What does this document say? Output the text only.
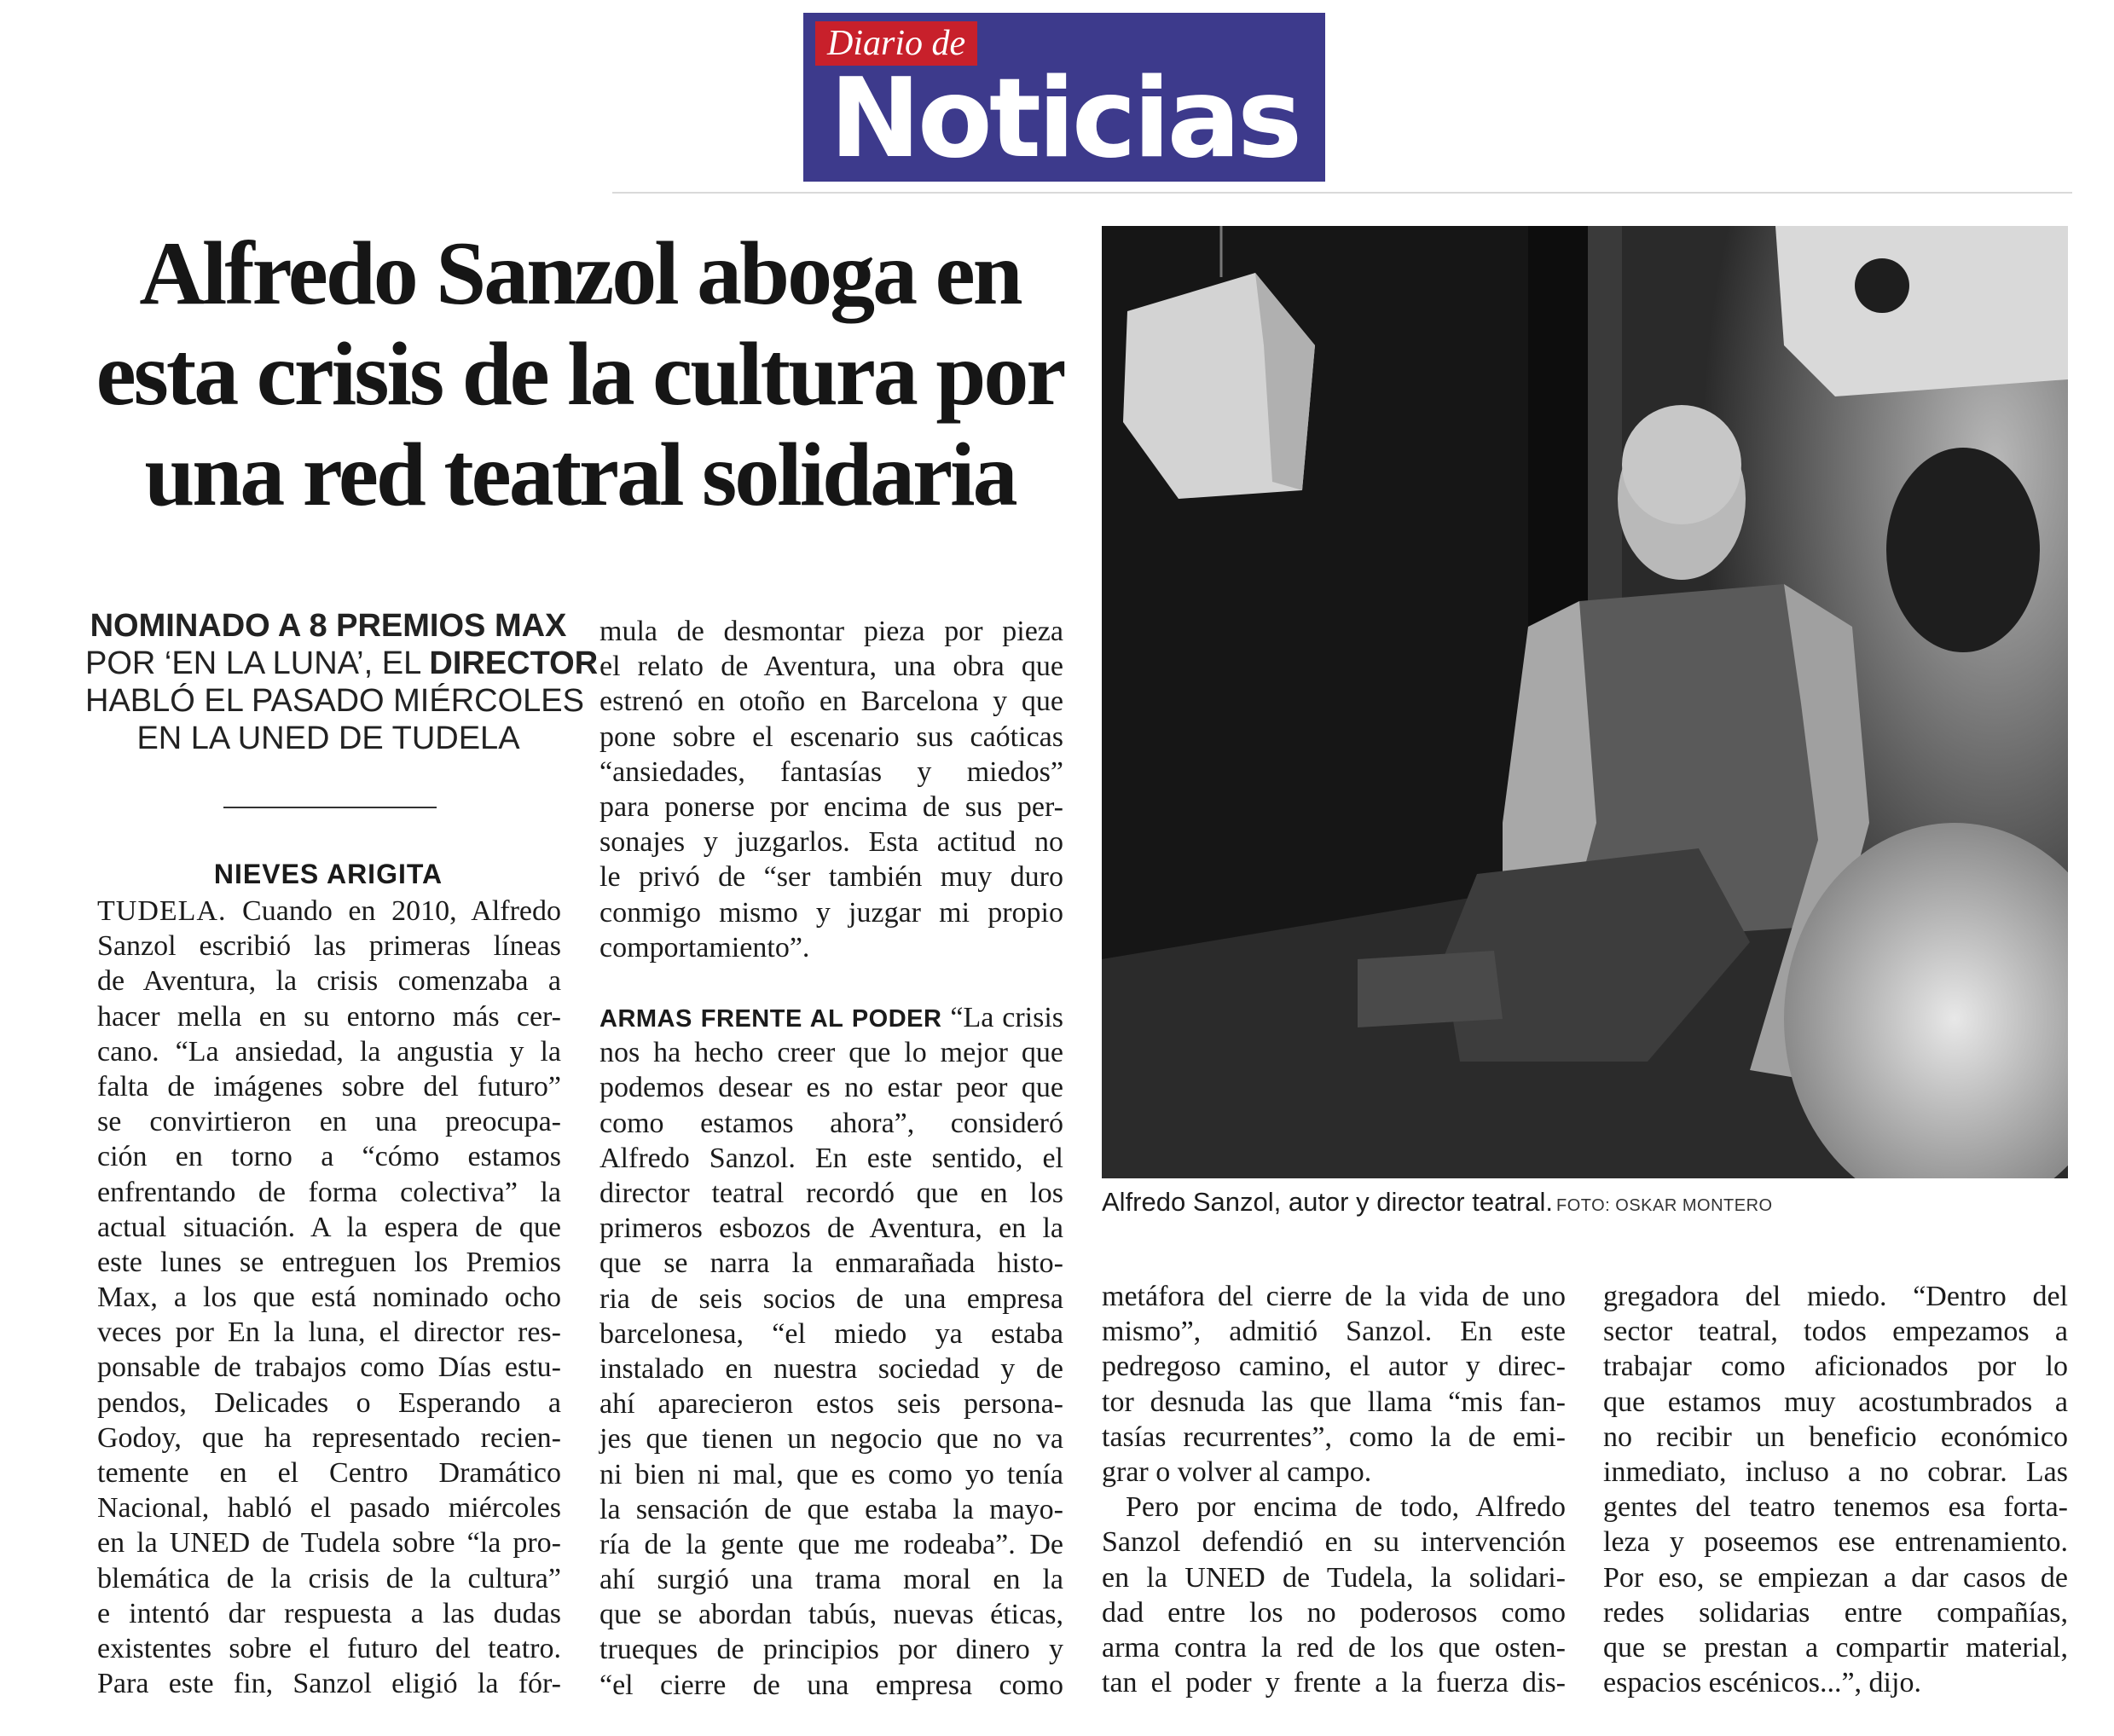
Diario de
Noticias
Alfredo Sanzol aboga en
esta crisis de la cultura por
una red teatral solidaria
NOMINADO A 8 PREMIOS MAX
POR ‘EN LA LUNA’, EL DIRECTOR
HABLÓ EL PASADO MIÉRCOLES
EN LA UNED DE TUDELA
NIEVES ARIGITA
TUDELA. Cuando en 2010, Alfredo
Sanzol escribió las primeras líneas
de Aventura, la crisis comenzaba a
hacer mella en su entorno más cer-
cano. “La ansiedad, la angustia y la
falta de imágenes sobre del futuro”
se convirtieron en una preocupa-
ción en torno a “cómo estamos
enfrentando de forma colectiva” la
actual situación. A la espera de que
este lunes se entreguen los Premios
Max, a los que está nominado ocho
veces por En la luna, el director res-
ponsable de trabajos como Días estu-
pendos, Delicades o Esperando a
Godoy, que ha representado recien-
temente en el Centro Dramático
Nacional, habló el pasado miércoles
en la UNED de Tudela sobre “la pro-
blemática de la crisis de la cultura”
e intentó dar respuesta a las dudas
existentes sobre el futuro del teatro.
Para este fin, Sanzol eligió la fór-
mula de desmontar pieza por pieza
el relato de Aventura, una obra que
estrenó en otoño en Barcelona y que
pone sobre el escenario sus caóticas
“ansiedades, fantasías y miedos”
para ponerse por encima de sus per-
sonajes y juzgarlos. Esta actitud no
le privó de “ser también muy duro
conmigo mismo y juzgar mi propio
comportamiento”.
ARMAS FRENTE AL PODER “La crisis
nos ha hecho creer que lo mejor que
podemos desear es no estar peor que
como estamos ahora”, consideró
Alfredo Sanzol. En este sentido, el
director teatral recordó que en los
primeros esbozos de Aventura, en la
que se narra la enmarañada histo-
ria de seis socios de una empresa
barcelonesa, “el miedo ya estaba
instalado en nuestra sociedad y de
ahí aparecieron estos seis persona-
jes que tienen un negocio que no va
ni bien ni mal, que es como yo tenía
la sensación de que estaba la mayo-
ría de la gente que me rodeaba”. De
ahí surgió una trama moral en la
que se abordan tabús, nuevas éticas,
trueques de principios por dinero y
“el cierre de una empresa como
Alfredo Sanzol, autor y director teatral. FOTO: OSKAR MONTERO
metáfora del cierre de la vida de uno
mismo”, admitió Sanzol. En este
pedregoso camino, el autor y direc-
tor desnuda las que llama “mis fan-
tasías recurrentes”, como la de emi-
grar o volver al campo.
Pero por encima de todo, Alfredo
Sanzol defendió en su intervención
en la UNED de Tudela, la solidari-
dad entre los no poderosos como
arma contra la red de los que osten-
tan el poder y frente a la fuerza dis-
gregadora del miedo. “Dentro del
sector teatral, todos empezamos a
trabajar como aficionados por lo
que estamos muy acostumbrados a
no recibir un beneficio económico
inmediato, incluso a no cobrar. Las
gentes del teatro tenemos esa forta-
leza y poseemos ese entrenamiento.
Por eso, se empiezan a dar casos de
redes solidarias entre compañías,
que se prestan a compartir material,
espacios escénicos...”, dijo.
